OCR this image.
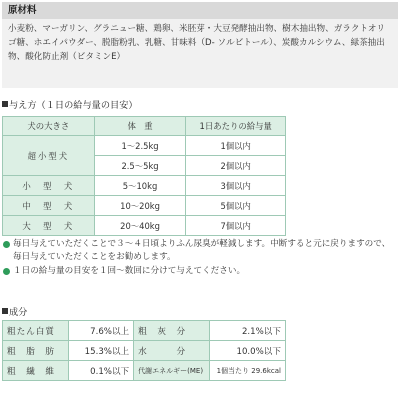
原材料
小麦粉、マーガリン、グラニュー糖、鶏卵、米胚芽・大豆発酵抽出物、樹木抽出物、ガラクトオリゴ糖、ホエイパウダー、脱脂粉乳、乳糖、甘味料（D- ソルビトール）、炭酸カルシウム、緑茶抽出物、酸化防止剤（ビタミンE）
与え方（１日の給与量の目安）
犬の大きさ	体　重	1日あたりの給与量
超小型犬	1〜2.5kg	1個以内
	2.5〜5kg	2個以内
小　型　犬	5〜10kg	3個以内
中　型　犬	10〜20kg	5個以内
大　型　犬	20〜40kg	7個以内
毎日与えていただくことで３〜４日頃よりふん尿臭が軽減します。中断すると元に戻りますので、毎日与えていただくことをお勧めします。
１日の給与量の目安を１回〜数回に分けて与えてください。
成分
粗たん白質	7.6%以上	粗　灰　分	2.1%以下
粗　脂　肪	15.3%以上	水　　　分	10.0%以下
粗　繊　維	0.1%以下	代謝エネルギー(ME)	1個当たり 29.6kcal
